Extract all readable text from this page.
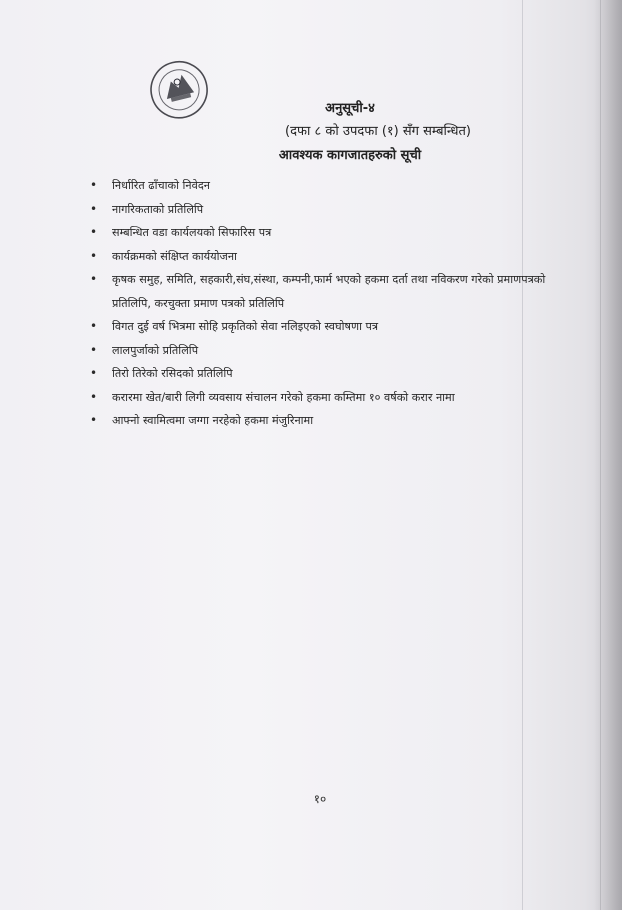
अनुसूची-४
(दफा ८ को उपदफा (१) सँग सम्बन्धित)
आवश्यक कागजातहरुको सूची
• निर्धारित ढाँचाको निवेदन
• नागरिकताको प्रतिलिपि
• सम्बन्धित वडा कार्यलयको सिफारिस पत्र
• कार्यक्रमको संक्षिप्त कार्ययोजना
• कृषक समुह, समिति, सहकारी,संघ,संस्था, कम्पनी,फार्म भएको हकमा दर्ता तथा नविकरण गरेको प्रमाणपत्रको प्रतिलिपि, करचुक्ता प्रमाण पत्रको प्रतिलिपि
• विगत दुई वर्ष भित्रमा सोहि प्रकृतिको सेवा नलिइएको स्वघोषणा पत्र
• लालपुर्जाको प्रतिलिपि
• तिरो तिरेको रसिदको प्रतिलिपि
• करारमा खेत/बारी लिगी व्यवसाय संचालन गरेको हकमा कम्तिमा १० वर्षको करार नामा
• आफ्नो स्वामित्वमा जग्गा नरहेको हकमा मंजुरिनामा
१०
